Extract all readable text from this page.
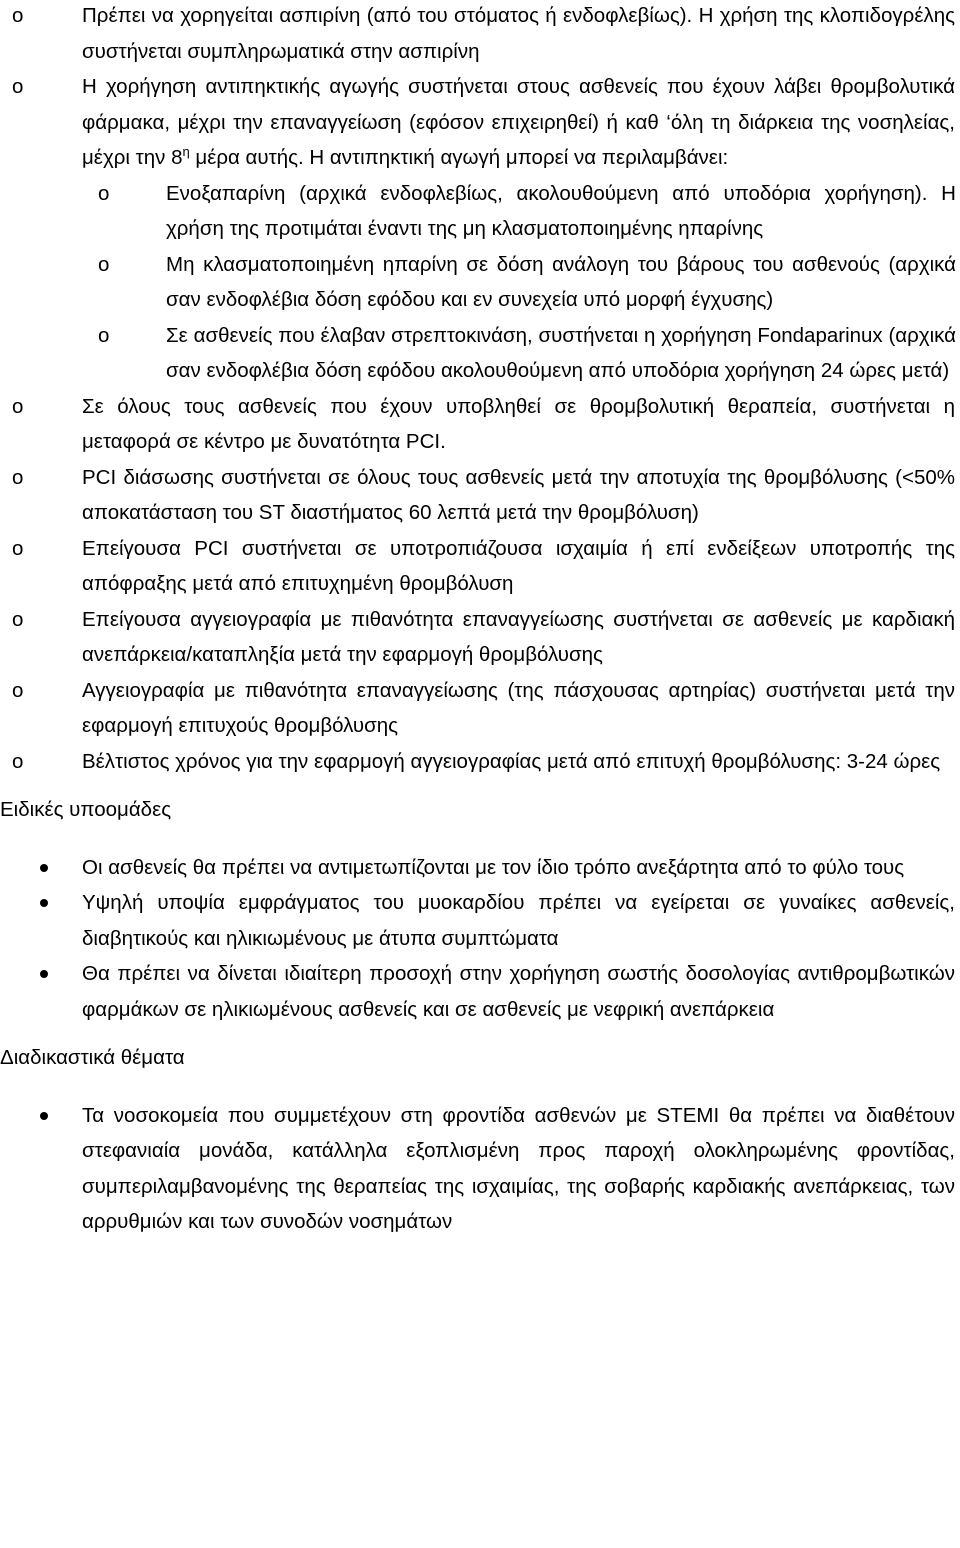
o	Πρέπει να χορηγείται ασπιρίνη (από του στόματος ή ενδοφλεβίως). Η χρήση της κλοπιδογρέλης συστήνεται συμπληρωματικά στην ασπιρίνη
o	Η χορήγηση αντιπηκτικής αγωγής συστήνεται στους ασθενείς που έχουν λάβει θρομβολυτικά φάρμακα, μέχρι την επαναγγείωση (εφόσον επιχειρηθεί) ή καθ ‘όλη τη διάρκεια της νοσηλείας, μέχρι την $8^\eta$ μέρα αυτής. Η αντιπηκτική αγωγή μπορεί να περιλαμβάνει:
o	Ενοξαπαρίνη (αρχικά ενδοφλεβίως, ακολουθούμενη από υποδόρια χορήγηση). Η χρήση της προτιμάται έναντι της μη κλασματοποιημένης ηπαρίνης
o	Μη κλασματοποιημένη ηπαρίνη σε δόση ανάλογη του βάρους του ασθενούς (αρχικά σαν ενδοφλέβια δόση εφόδου και εν συνεχεία υπό μορφή έγχυσης)
o	Σε ασθενείς που έλαβαν στρεπτοκινάση, συστήνεται η χορήγηση Fondaparinux (αρχικά σαν ενδοφλέβια δόση εφόδου ακολουθούμενη από υποδόρια χορήγηση 24 ώρες μετά)
o	Σε όλους τους ασθενείς που έχουν υποβληθεί σε θρομβολυτική θεραπεία, συστήνεται η μεταφορά σε κέντρο με δυνατότητα PCI.
o	PCI διάσωσης συστήνεται σε όλους τους ασθενείς μετά την αποτυχία της θρομβόλυσης (<50% αποκατάσταση του ST διαστήματος 60 λεπτά μετά την θρομβόλυση)
o	Επείγουσα PCI συστήνεται σε υποτροπιάζουσα ισχαιμία ή επί ενδείξεων υποτροπής της απόφραξης μετά από επιτυχημένη θρομβόλυση
o	Επείγουσα αγγειογραφία με πιθανότητα επαναγγείωσης συστήνεται σε ασθενείς με καρδιακή ανεπάρκεια/καταπληξία μετά την εφαρμογή θρομβόλυσης
o	Αγγειογραφία με πιθανότητα επαναγγείωσης (της πάσχουσας αρτηρίας) συστήνεται μετά την εφαρμογή επιτυχούς θρομβόλυσης
o	Βέλτιστος χρόνος για την εφαρμογή αγγειογραφίας μετά από επιτυχή θρομβόλυσης: 3-24 ώρες
Ειδικές υποομάδες
Οι ασθενείς θα πρέπει να αντιμετωπίζονται με τον ίδιο τρόπο ανεξάρτητα από το φύλο τους
Υψηλή υποψία εμφράγματος του μυοκαρδίου πρέπει να εγείρεται σε γυναίκες ασθενείς, διαβητικούς και ηλικιωμένους με άτυπα συμπτώματα
Θα πρέπει να δίνεται ιδιαίτερη προσοχή στην χορήγηση σωστής δοσολογίας αντιθρομβωτικών φαρμάκων σε ηλικιωμένους ασθενείς και σε ασθενείς με νεφρική ανεπάρκεια
Διαδικαστικά θέματα
Τα νοσοκομεία που συμμετέχουν στη φροντίδα ασθενών με STEMI θα πρέπει να διαθέτουν στεφανιαία μονάδα, κατάλληλα εξοπλισμένη προς παροχή ολοκληρωμένης φροντίδας, συμπεριλαμβανομένης της θεραπείας της ισχαιμίας, της σοβαρής καρδιακής ανεπάρκειας, των αρρυθμιών και των συνοδών νοσημάτων
